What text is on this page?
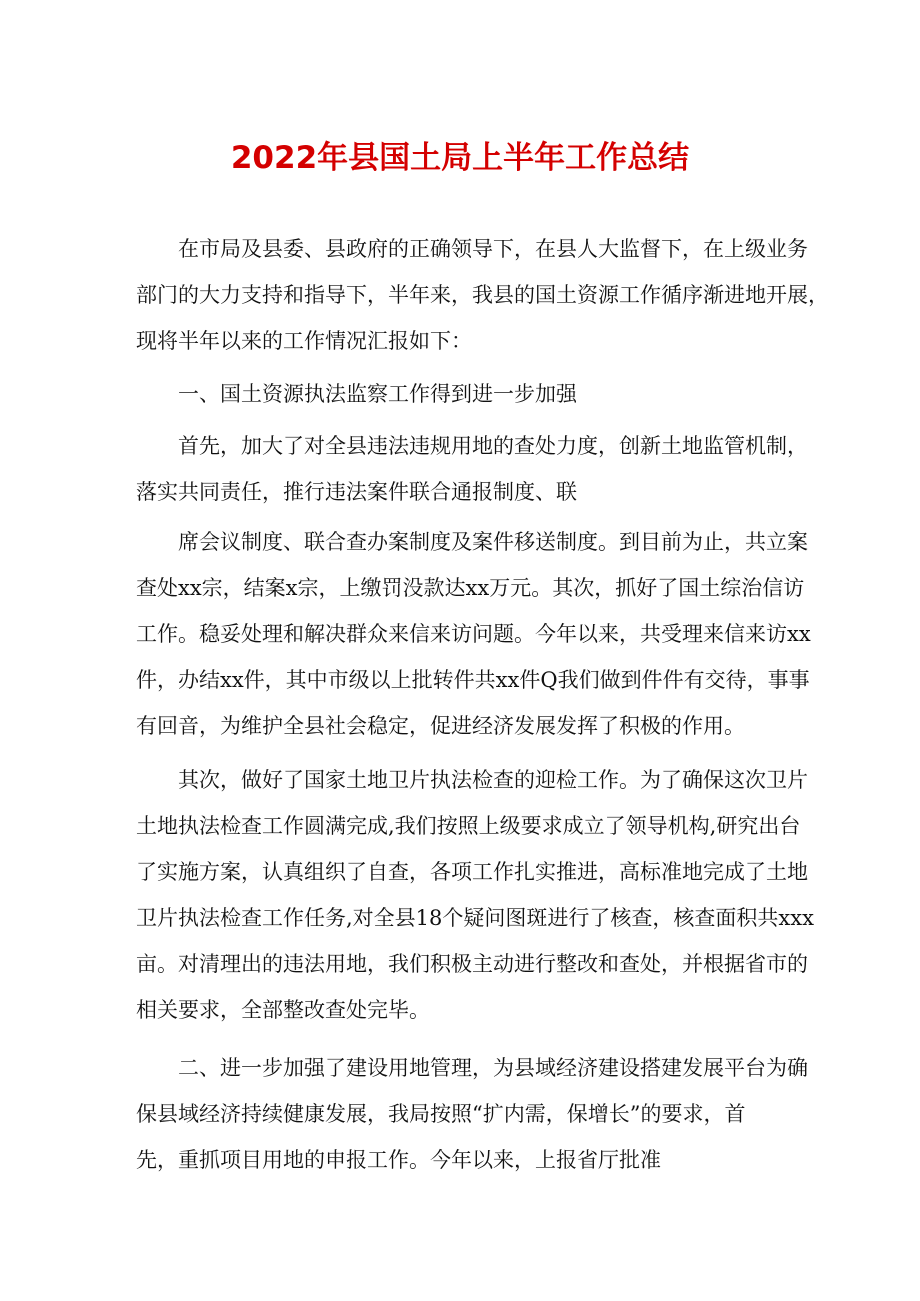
2022年县国土局上半年工作总结
在市局及县委、县政府的正确领导下，在县人大监督下，在上级业务
部门的大力支持和指导下，半年来，我县的国土资源工作循序渐进地开展，
现将半年以来的工作情况汇报如下：
一、国土资源执法监察工作得到进一步加强
首先，加大了对全县违法违规用地的查处力度，创新土地监管机制，
落实共同责任，推行违法案件联合通报制度、联
席会议制度、联合查办案制度及案件移送制度。到目前为止，共立案
查处xx宗，结案x宗，上缴罚没款达xx万元。其次，抓好了国土综治信访
工作。稳妥处理和解决群众来信来访问题。今年以来，共受理来信来访xx
件，办结xx件，其中市级以上批转件共xx件Q我们做到件件有交待，事事
有回音，为维护全县社会稳定，促进经济发展发挥了积极的作用。
其次，做好了国家土地卫片执法检查的迎检工作。为了确保这次卫片
土地执法检查工作圆满完成,我们按照上级要求成立了领导机构,研究出台
了实施方案，认真组织了自查，各项工作扎实推进，高标准地完成了土地
卫片执法检查工作任务,对全县18个疑问图斑进行了核查，核查面积共xxx
亩。对清理出的违法用地，我们积极主动进行整改和查处，并根据省市的
相关要求，全部整改查处完毕。
二、进一步加强了建设用地管理，为县域经济建设搭建发展平台为确
保县域经济持续健康发展，我局按照“扩内需，保增长”的要求，首
先，重抓项目用地的申报工作。今年以来，上报省厅批准
